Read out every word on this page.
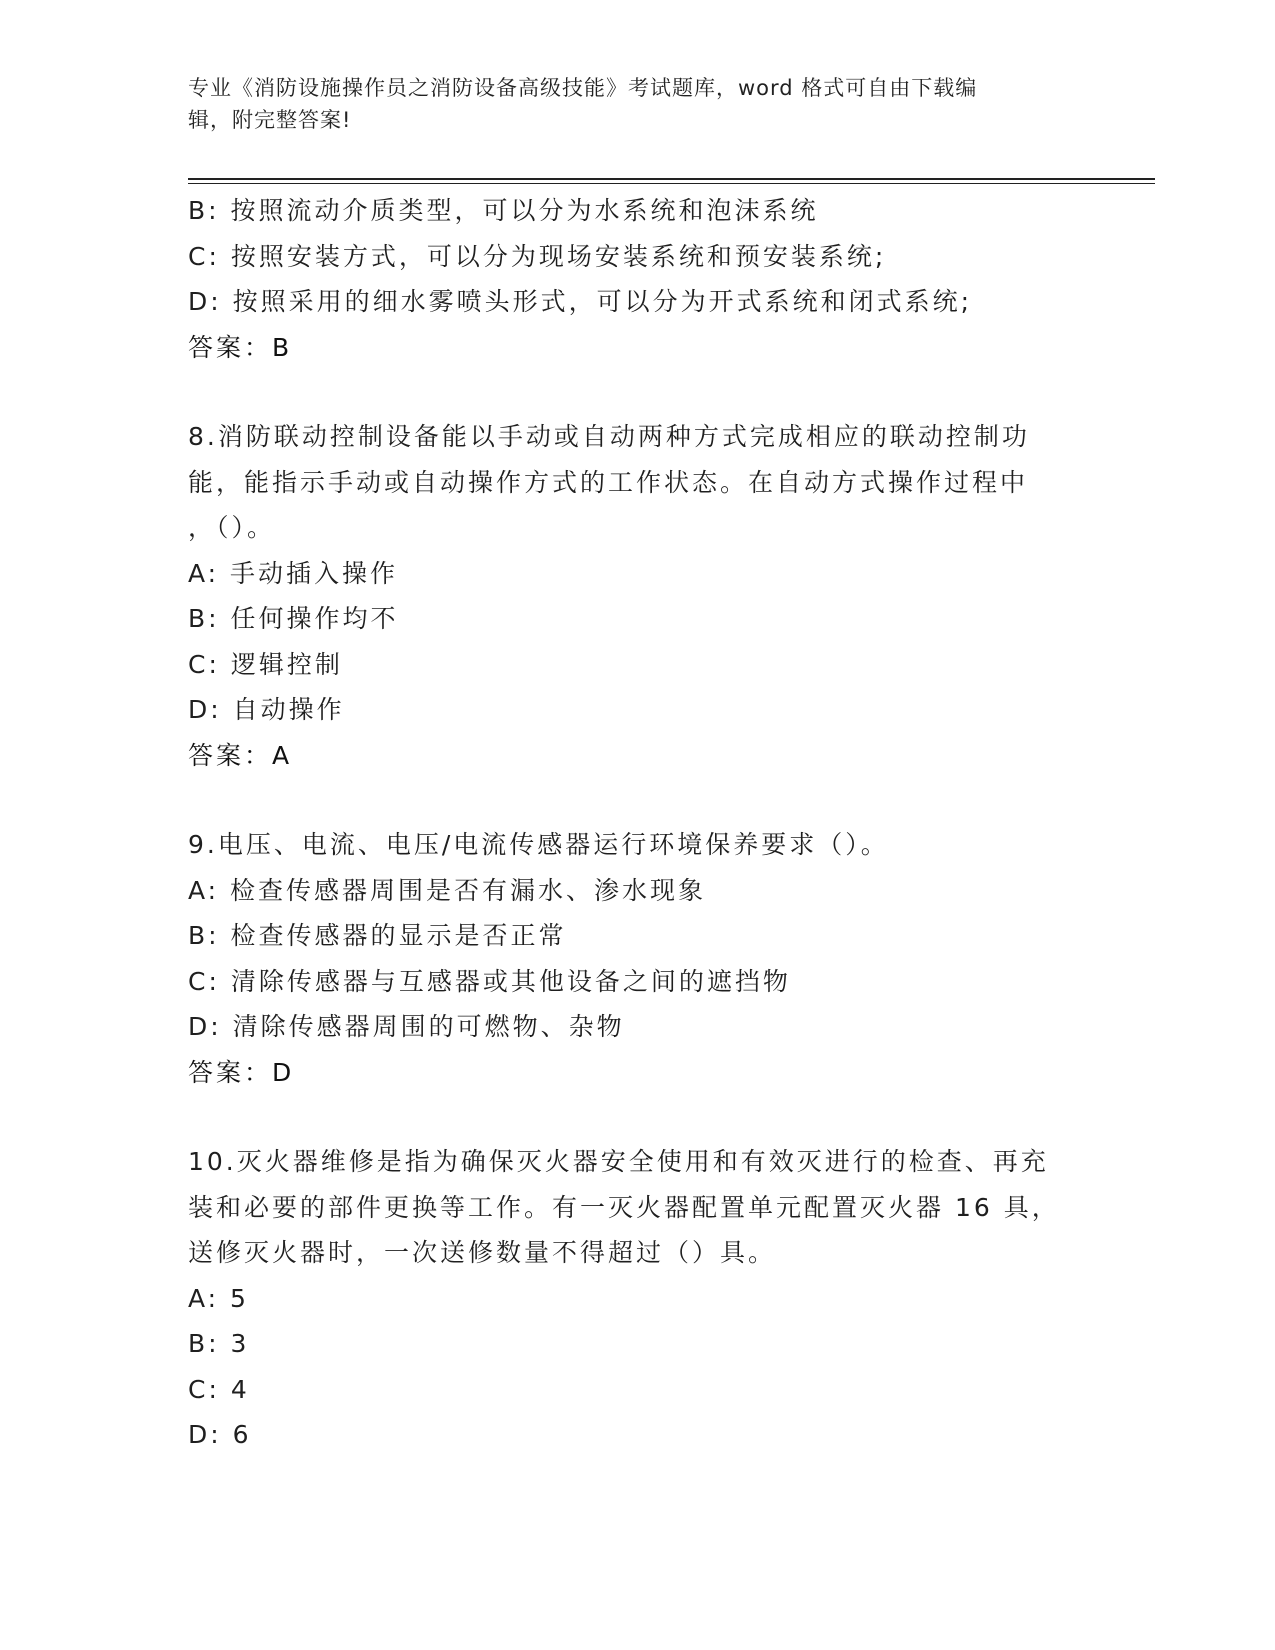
专业《消防设施操作员之消防设备高级技能》考试题库，word 格式可自由下载编
辑，附完整答案!
B: 按照流动介质类型，可以分为水系统和泡沫系统
C: 按照安装方式，可以分为现场安装系统和预安装系统;
D: 按照采用的细水雾喷头形式，可以分为开式系统和闭式系统;
答案：B
8.消防联动控制设备能以手动或自动两种方式完成相应的联动控制功
能，能指示手动或自动操作方式的工作状态。在自动方式操作过程中
，（）。
A: 手动插入操作
B: 任何操作均不
C: 逻辑控制
D: 自动操作
答案：A
9.电压、电流、电压/电流传感器运行环境保养要求（）。
A: 检查传感器周围是否有漏水、渗水现象
B: 检查传感器的显示是否正常
C: 清除传感器与互感器或其他设备之间的遮挡物
D: 清除传感器周围的可燃物、杂物
答案：D
10.灭火器维修是指为确保灭火器安全使用和有效灭进行的检查、再充
装和必要的部件更换等工作。有一灭火器配置单元配置灭火器 16 具，
送修灭火器时，一次送修数量不得超过（）具。
A: 5
B: 3
C: 4
D: 6
